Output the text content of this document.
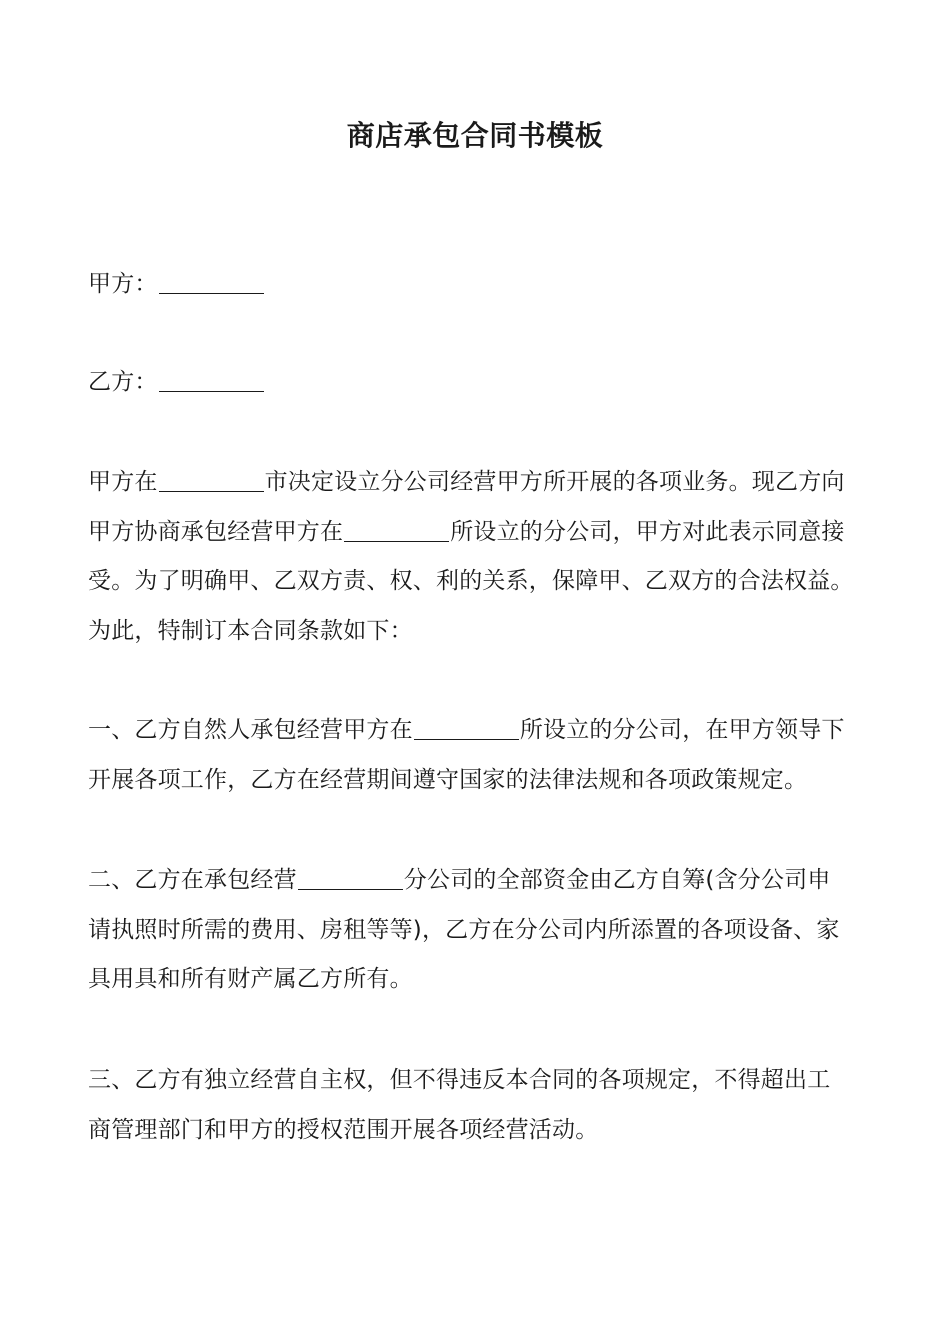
商店承包合同书模板
甲方：
乙方：
甲方在	市决定设立分公司经营甲方所开展的各项业务。现乙方向
甲方协商承包经营甲方在	所设立的分公司，甲方对此表示同意接
受。为了明确甲、乙双方责、权、利的关系，保障甲、乙双方的合法权益。
为此，特制订本合同条款如下：
一、乙方自然人承包经营甲方在	所设立的分公司，在甲方领导下
开展各项工作，乙方在经营期间遵守国家的法律法规和各项政策规定。
二、乙方在承包经营	分公司的全部资金由乙方自筹(含分公司申
请执照时所需的费用、房租等等)，乙方在分公司内所添置的各项设备、家
具用具和所有财产属乙方所有。
三、乙方有独立经营自主权，但不得违反本合同的各项规定，不得超出工
商管理部门和甲方的授权范围开展各项经营活动。
